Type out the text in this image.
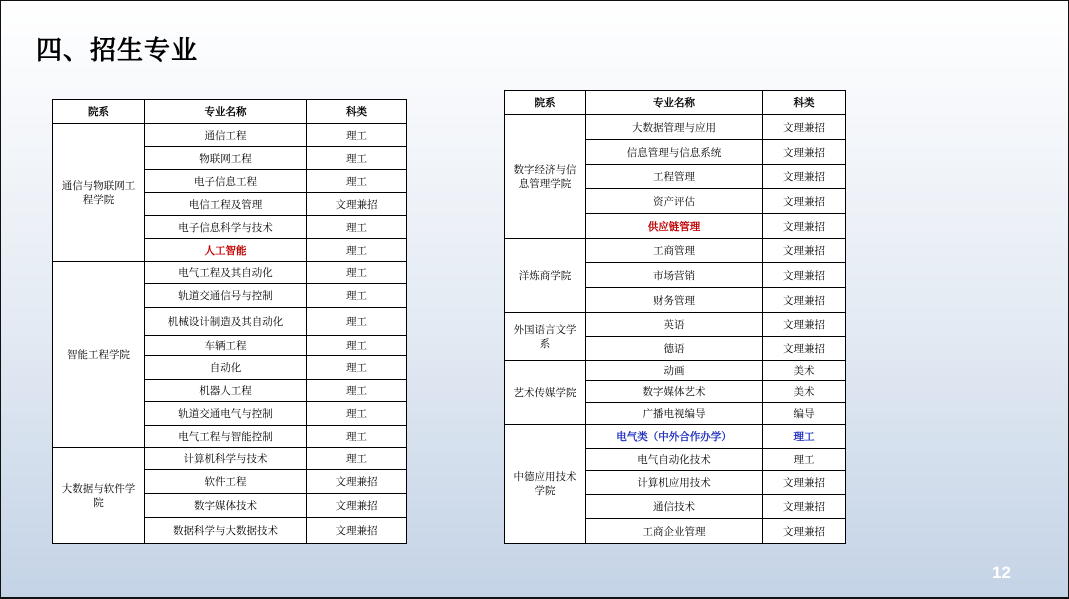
四、招生专业
院系	专业名称	科类
通信与物联网工程学院	通信工程	理工
	物联网工程	理工
	电子信息工程	理工
	电信工程及管理	文理兼招
	电子信息科学与技术	理工
	人工智能	理工
智能工程学院	电气工程及其自动化	理工
	轨道交通信号与控制	理工
	机械设计制造及其自动化	理工
	车辆工程	理工
	自动化	理工
	机器人工程	理工
	轨道交通电气与控制	理工
	电气工程与智能控制	理工
大数据与软件学院	计算机科学与技术	理工
	软件工程	文理兼招
	数字媒体技术	文理兼招
	数据科学与大数据技术	文理兼招
院系	专业名称	科类
数字经济与信息管理学院	大数据管理与应用	文理兼招
	信息管理与信息系统	文理兼招
	工程管理	文理兼招
	资产评估	文理兼招
	供应链管理	文理兼招
洋炼商学院	工商管理	文理兼招
	市场营销	文理兼招
	财务管理	文理兼招
外国语言文学系	英语	文理兼招
	德语	文理兼招
艺术传媒学院	动画	美术
	数字媒体艺术	美术
	广播电视编导	编导
中德应用技术学院	电气类（中外合作办学）	理工
	电气自动化技术	理工
	计算机应用技术	文理兼招
	通信技术	文理兼招
	工商企业管理	文理兼招
12
